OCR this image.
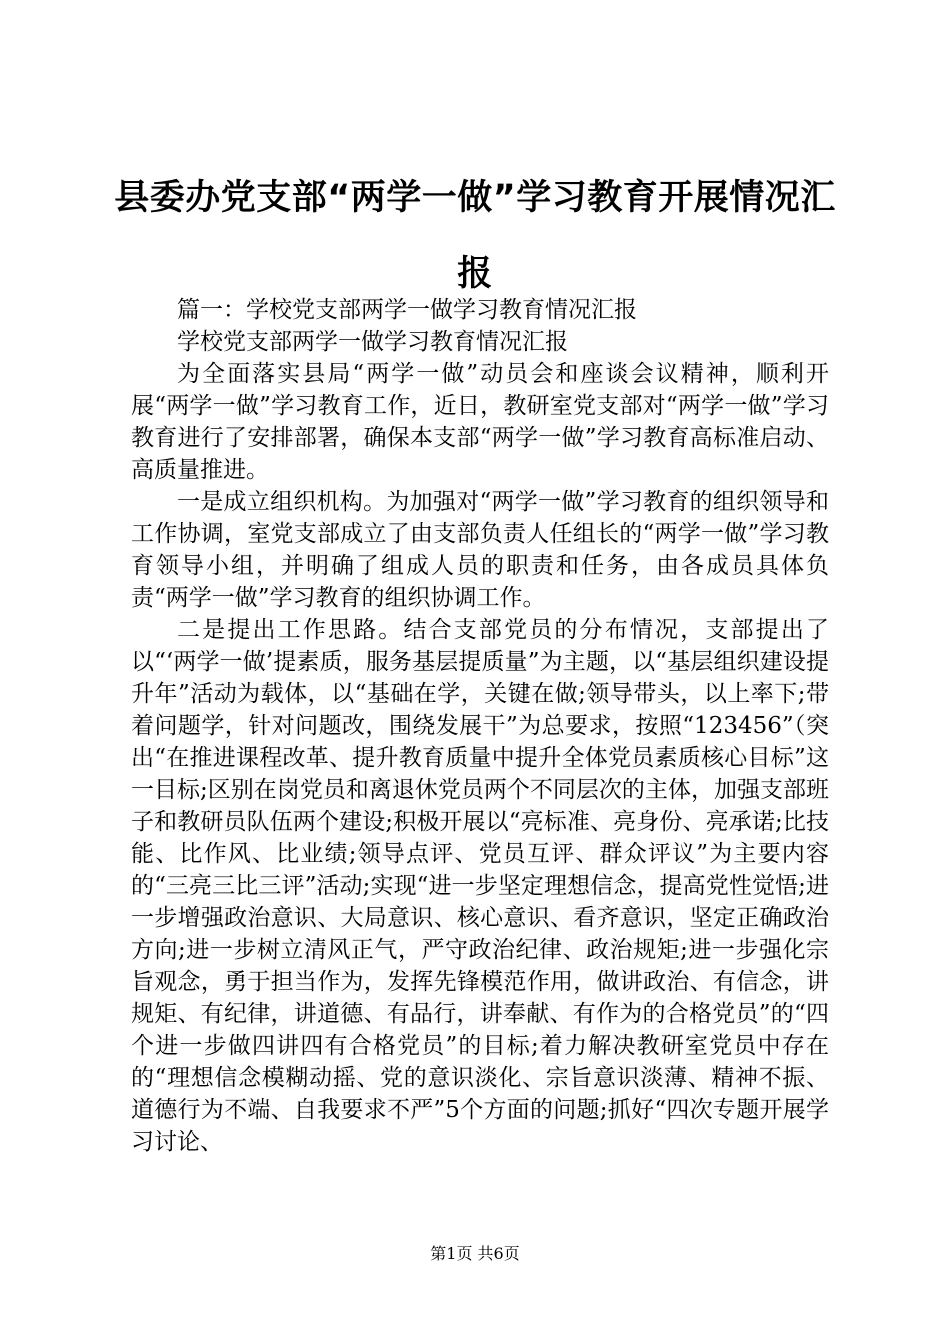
县委办党支部“两学一做”学习教育开展情况汇报

篇一：学校党支部两学一做学习教育情况汇报

学校党支部两学一做学习教育情况汇报

为全面落实县局“两学一做”动员会和座谈会议精神，顺利开展“两学一做”学习教育工作，近日，教研室党支部对“两学一做”学习教育进行了安排部署，确保本支部“两学一做”学习教育高标准启动、高质量推进。

一是成立组织机构。为加强对“两学一做”学习教育的组织领导和工作协调，室党支部成立了由支部负责人任组长的“两学一做”学习教育领导小组，并明确了组成人员的职责和任务，由各成员具体负责“两学一做”学习教育的组织协调工作。

二是提出工作思路。结合支部党员的分布情况，支部提出了以“‘两学一做’提素质，服务基层提质量”为主题，以“基层组织建设提升年”活动为载体，以“基础在学，关键在做;领导带头，以上率下;带着问题学，针对问题改，围绕发展干”为总要求，按照“123456”（突出“在推进课程改革、提升教育质量中提升全体党员素质核心目标”这一目标;区别在岗党员和离退休党员两个不同层次的主体，加强支部班子和教研员队伍两个建设;积极开展以“亮标准、亮身份、亮承诺;比技能、比作风、比业绩;领导点评、党员互评、群众评议”为主要内容的“三亮三比三评”活动;实现“进一步坚定理想信念，提高党性觉悟;进一步增强政治意识、大局意识、核心意识、看齐意识，坚定正确政治方向;进一步树立清风正气，严守政治纪律、政治规矩;进一步强化宗旨观念，勇于担当作为，发挥先锋模范作用，做讲政治、有信念，讲规矩、有纪律，讲道德、有品行，讲奉献、有作为的合格党员”的“四个进一步做四讲四有合格党员”的目标;着力解决教研室党员中存在的“理想信念模糊动摇、党的意识淡化、宗旨意识淡薄、精神不振、道德行为不端、自我要求不严”5个方面的问题;抓好“四次专题开展学习讨论、

第1页 共6页
